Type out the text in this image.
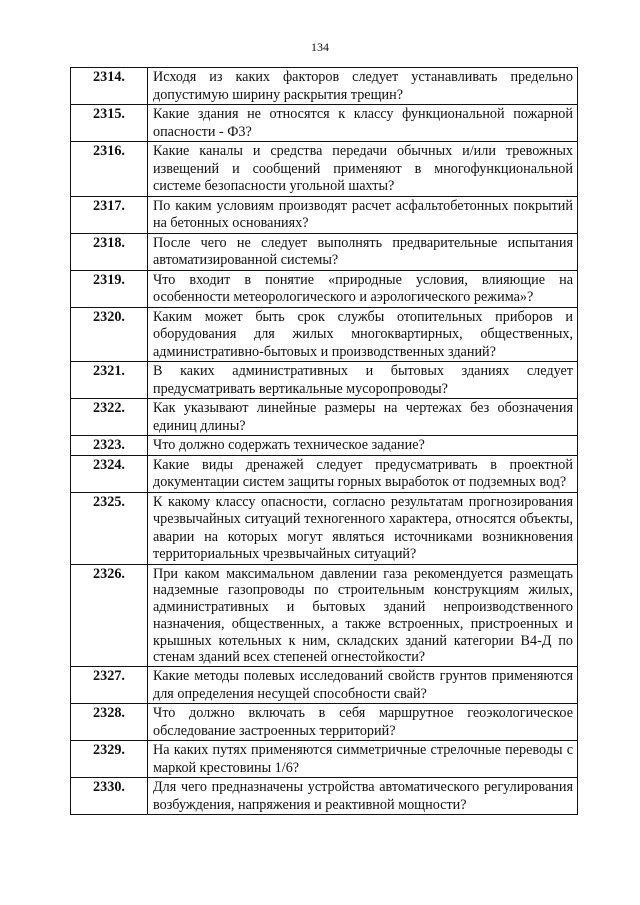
134
2314.	Исходя из каких факторов следует устанавливать предельно допустимую ширину раскрытия трещин?
2315.	Какие здания не относятся к классу функциональной пожарной опасности - Ф3?
2316.	Какие каналы и средства передачи обычных и/или тревожных извещений и сообщений применяют в многофункциональной системе безопасности угольной шахты?
2317.	По каким условиям производят расчет асфальтобетонных покрытий на бетонных основаниях?
2318.	После чего не следует выполнять предварительные испытания автоматизированной системы?
2319.	Что входит в понятие «природные условия, влияющие на особенности метеорологического и аэрологического режима»?
2320.	Каким может быть срок службы отопительных приборов и оборудования для жилых многоквартирных, общественных, административно-бытовых и производственных зданий?
2321.	В каких административных и бытовых зданиях следует предусматривать вертикальные мусоропроводы?
2322.	Как указывают линейные размеры на чертежах без обозначения единиц длины?
2323.	Что должно содержать техническое задание?
2324.	Какие виды дренажей следует предусматривать в проектной документации систем защиты горных выработок от подземных вод?
2325.	К какому классу опасности, согласно результатам прогнозирования чрезвычайных ситуаций техногенного характера, относятся объекты, аварии на которых могут являться источниками возникновения территориальных чрезвычайных ситуаций?
2326.	При каком максимальном давлении газа рекомендуется размещать надземные газопроводы по строительным конструкциям жилых, административных и бытовых зданий непроизводственного назначения, общественных, а также встроенных, пристроенных и крышных котельных к ним, складских зданий категории В4-Д по стенам зданий всех степеней огнестойкости?
2327.	Какие методы полевых исследований свойств грунтов применяются для определения несущей способности свай?
2328.	Что должно включать в себя маршрутное геоэкологическое обследование застроенных территорий?
2329.	На каких путях применяются симметричные стрелочные переводы с маркой крестовины 1/6?
2330.	Для чего предназначены устройства автоматического регулирования возбуждения, напряжения и реактивной мощности?
